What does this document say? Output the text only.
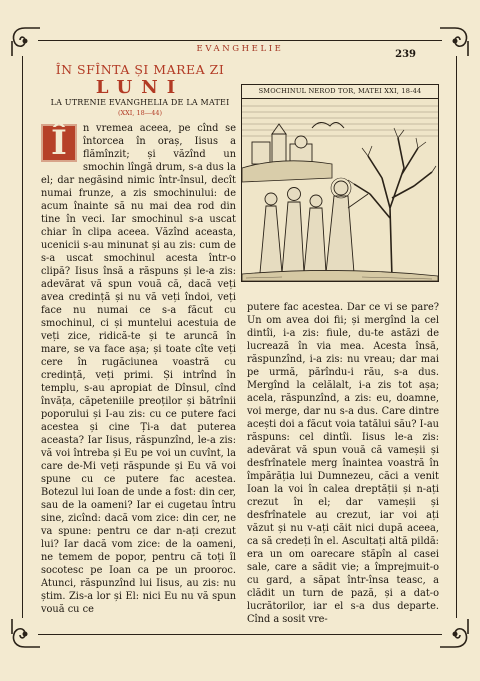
EVANGHELIE	239
ÎN SFÎNTA ȘI MAREA ZI
LUNI
LA UTRENIE EVANGHELIA DE LA MATEI
(XXI, 18—44)
SMOCHINUL NEROD TOR, MATEI XXI, 18-44
Î	n vremea aceea, pe cînd se întorcea în oraș, Iisus a flămînzit; și văzînd un smochin lîngă drum, s-a dus la el; dar negăsind nimic într-însul, decît numai frunze, a zis smochinului: de acum înainte să nu mai dea rod din tine în veci. Iar smochinul s-a uscat chiar în clipa aceea. Văzînd aceasta, ucenicii s-au minunat și au zis: cum de s-a uscat smochinul acesta într-o clipă? Iisus însă a răspuns și le-a zis: adevărat vă spun vouă că, dacă veți avea credință și nu vă veți îndoi, veți face nu numai ce s-a făcut cu smochinul, ci și muntelui acestuia de veți zice, ridică-te și te aruncă în mare, se va face așa; și toate cîte veți cere în rugăciunea voastră cu credință, veți primi. Și intrînd în templu, s-au apropiat de Dînsul, cînd învăța, căpeteniile preoților și bătrînii poporului și I-au zis: cu ce putere faci acestea și cine Ți-a dat puterea aceasta? Iar Iisus, răspunzînd, le-a zis: vă voi întreba și Eu pe voi un cuvînt, la care de-Mi veți răspunde și Eu vă voi spune cu ce putere fac acestea. Botezul lui Ioan de unde a fost: din cer, sau de la oameni? Iar ei cugetau întru sine, zicînd: dacă vom zice: din cer, ne va spune: pentru ce dar n-ați crezut lui? Iar dacă vom zice: de la oameni, ne temem de popor, pentru că toți îl socotesc pe Ioan ca pe un prooroc. Atunci, răspunzînd lui Iisus, au zis: nu știm. Zis-a lor și El: nici Eu nu vă spun vouă cu ce

putere fac acestea. Dar ce vi se pare? Un om avea doi fii; și mergînd la cel dintîi, i-a zis: fiule, du-te astăzi de lucrează în via mea. Acesta însă, răspunzînd, i-a zis: nu vreau; dar mai pe urmă, părîndu-i rău, s-a dus. Mergînd la celălalt, i-a zis tot așa; acela, răspunzînd, a zis: eu, doamne, voi merge, dar nu s-a dus. Care dintre acești doi a făcut voia tatălui său? I-au răspuns: cel dintîi. Iisus le-a zis: adevărat vă spun vouă că vameșii și desfrînatele merg înaintea voastră în împărăția lui Dumnezeu, căci a venit Ioan la voi în calea dreptății și n-ați crezut în el; dar vameșii și desfrînatele au crezut, iar voi ați văzut și nu v-ați căit nici după aceea, ca să credeți în el. Ascultați altă pildă: era un om oarecare stăpîn al casei sale, care a sădit vie; a împrejmuit-o cu gard, a săpat într-însa teasc, a clădit un turn de pază, și a dat-o lucrătorilor, iar el s-a dus departe. Cînd a sosit vre-
